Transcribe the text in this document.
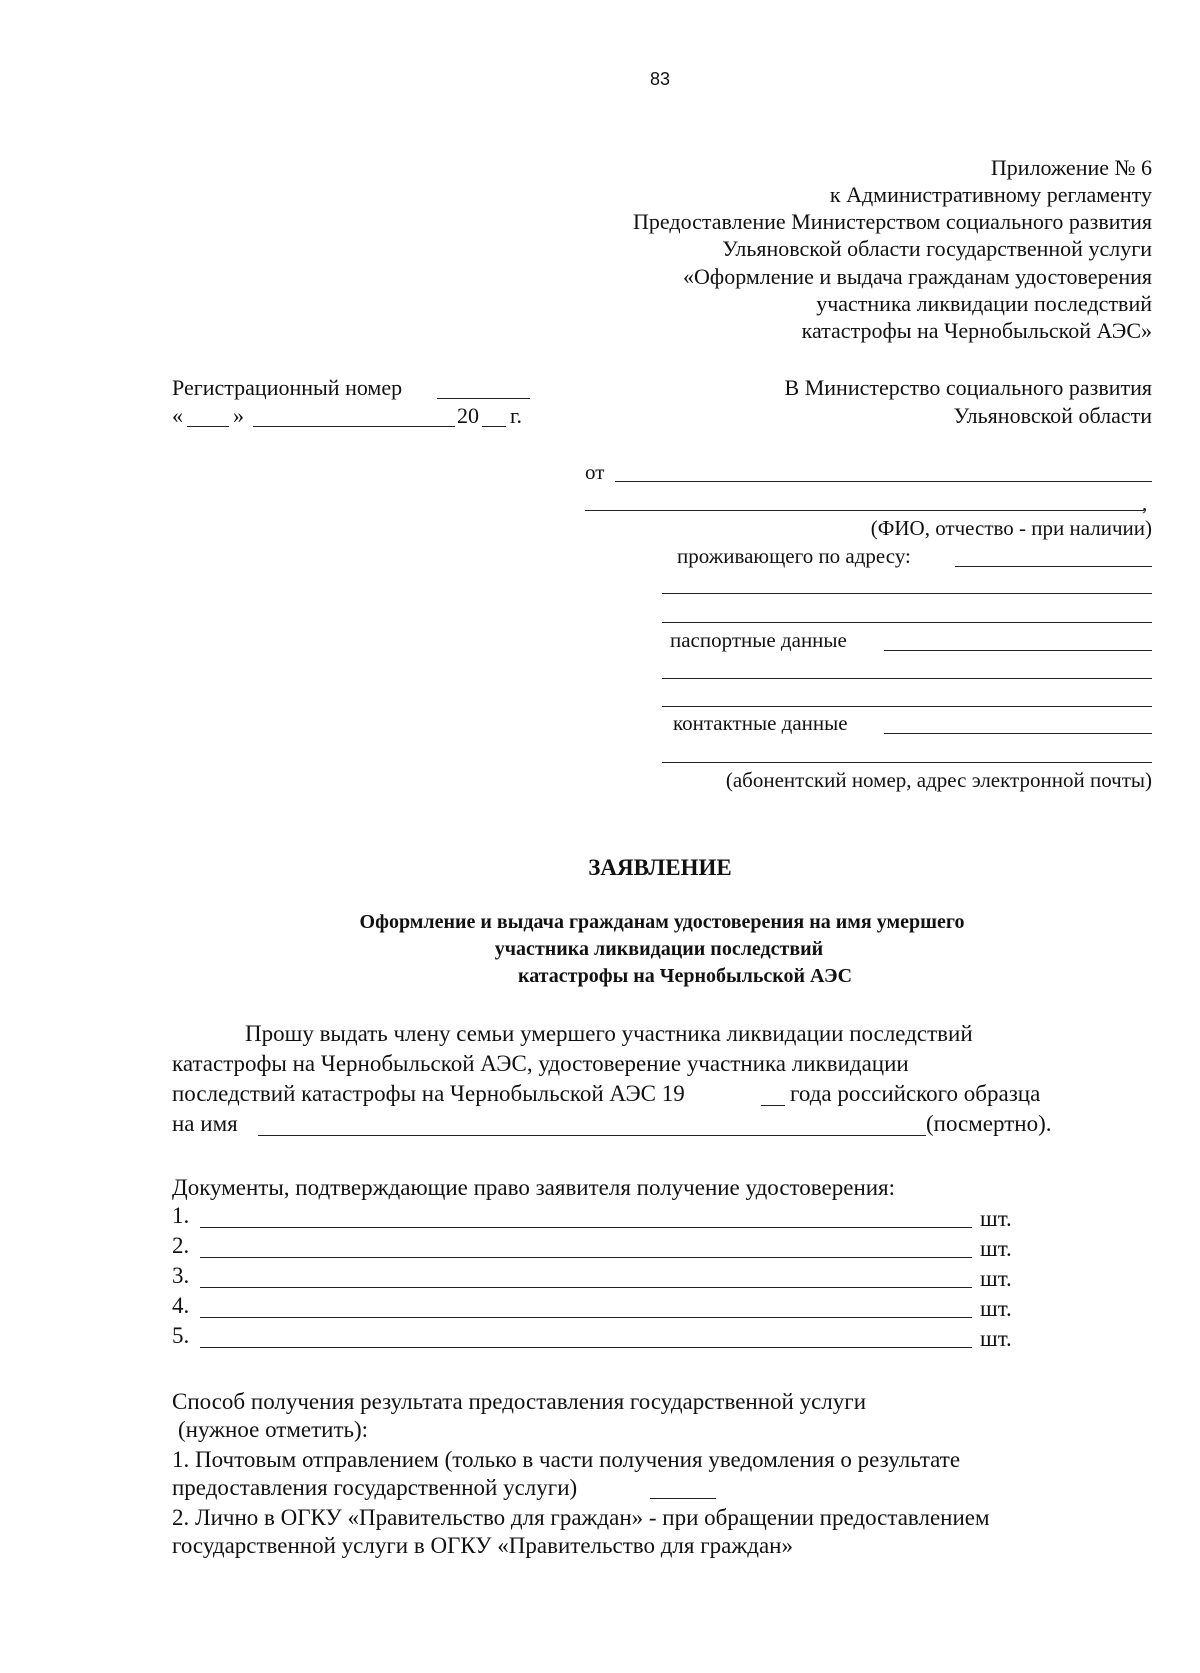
83
Приложение № 6
к Административному регламенту
Предоставление Министерством социального развития
Ульяновской области государственной услуги
«Оформление и выдача гражданам удостоверения
участника ликвидации последствий
катастрофы на Чернобыльской АЭС»
Регистрационный номер
« »	20 г.
В Министерство социального развития
Ульяновской области
от
,
(ФИО, отчество - при наличии)
проживающего по адресу:
паспортные данные
контактные данные
(абонентский номер, адрес электронной почты)
ЗАЯВЛЕНИЕ
Оформление и выдача гражданам удостоверения на имя умершего
участника ликвидации последствий
катастрофы на Чернобыльской АЭС
Прошу выдать члену семьи умершего участника ликвидации последствий
катастрофы на Чернобыльской АЭС, удостоверение участника ликвидации
последствий катастрофы на Чернобыльской АЭС 19	года российского образца
на имя	(посмертно).
Документы, подтверждающие право заявителя получение удостоверения:
1.	шт.
2.	шт.
3.	шт.
4.	шт.
5.	шт.
Способ получения результата предоставления государственной услуги
(нужное отметить):
1. Почтовым отправлением (только в части получения уведомления о результате
предоставления государственной услуги)
2. Лично в ОГКУ «Правительство для граждан» - при обращении предоставлением
государственной услуги в ОГКУ «Правительство для граждан»
